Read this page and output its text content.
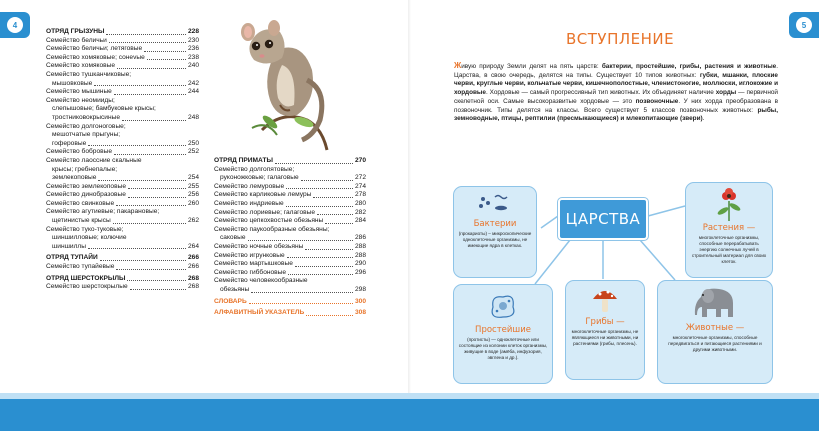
4	5
ОТРЯД ГРЫЗУНЫ	228
Семейство беличьи	230
Семейство беличьи; летяговые	236
Семейство хомяковые; сонevые	238
Семейство хомяковые	240
Семейство тушканчиковые;
мышовковые	242
Семейство мышиные	244
Семейство неомииды;
слепышовые; бамбуковые крысы;
тростниковокрысиные	248
Семейство долгоноговые;
мешотчатые прыгуны;
гоферовые	250
Семейство бобровые	252
Семейство лаоссние скальные
крысы; гребнепалые;
землекоповые	254
Семейство землекоповые	255
Семейство динобразовые	256
Семейство свинковые	260
Семейство агутиевые; пакарановые;
щетинистые крысы	262
Семейство туко-туковые;
шиншилловые; колючие
шиншиллы	264
ОТРЯД ТУПАЙИ	266
Семейство тупайевые	266
ОТРЯД ШЕРСТОКРЫЛЫ	268
Семейство шерстокрылые	268
ОТРЯД ПРИМАТЫ	270
Семейство долгопятовые;
руконожковые; галаговые	272
Семейство лемуровые	274
Семейство карликовые лемуры	278
Семейство индриевые	280
Семейство лориевые; галаговые	282
Семейство цепкохвостые обезьяны	284
Семейство паукообразные обезьяны;
саковые	286
Семейство ночные обезьяны	288
Семейство игрунковые	288
Семейство мартышковые	290
Семейство гиббоновые	296
Семейство человекообразные
обезьяны	298
СЛОВАРЬ	300
АЛФАВИТНЫЙ УКАЗАТЕЛЬ	308
ВСТУПЛЕНИЕ

Живую природу Земли делят на пять царств: бактерии, простейшие, грибы, растения и животные. Царства, в свою очередь, делятся на типы. Существует 10 типов животных: губки, мшанки, плоские черви, круглые черви, кольчатые черви, кишечнополостные, членистоногие, моллюски, иглокожие и хордовые. Хордовые — самый прогрессивный тип животных. Их объединяет наличие хорды — первичной скелетной оси. Самые высокоразвитые хордовые — это позвоночные. У них хорда преобразована в позвоночник. Типы делятся на классы. Всего существует 5 классов позвоночных животных: рыбы, земноводные, птицы, рептилии (пресмыкающиеся) и млекопитающие (звери).

Бактерии
(прокариоты) – микроскопические одноклеточные организмы, не имеющие ядра в клетках.
ЦАРСТВА	Растения —
многоклеточные организмы, способные перерабатывать энергию солнечных лучей в строительный материал для своих клеток.
Простейшие
(протисты) — одноклеточные или состоящие из колонии клеток организмы, живущие в воде (амёба, инфузория, эвглена и др.).
Грибы —
многоклеточные организмы, не являющиеся ни животными, ни растениями (грибы, плесень).
Животные —
многоклеточные организмы, способные передвигаться и питающиеся растениями и другими животными.
